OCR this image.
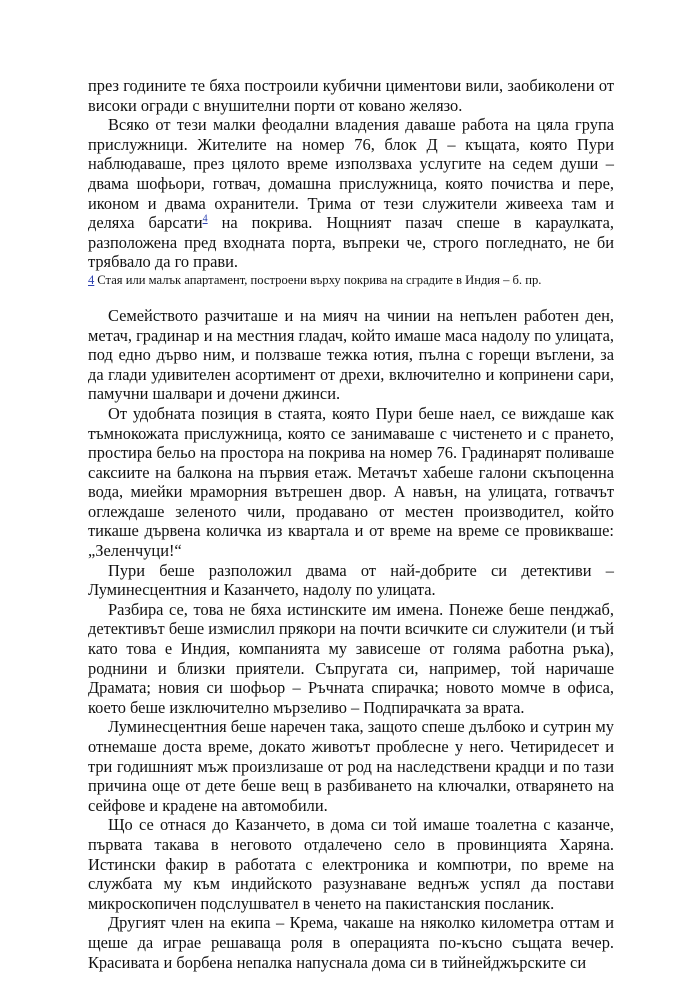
през годините те бяха построили кубични циментови вили, заобиколени от високи огради с внушителни порти от ковано желязо.

Всяко от тези малки феодални владения даваше работа на цяла група прислужници. Жителите на номер 76, блок Д – къщата, която Пури наблюдаваше, през цялото време използваха услугите на седем души – двама шофьори, готвач, домашна прислужница, която почиства и пере, иконом и двама охранители. Трима от тези служители живееха там и деляха барсати$^4$ на покрива. Нощният пазач спеше в караулката, разположена пред входната порта, въпреки че, строго погледнато, не би трябвало да го прави.

4 Стая или малък апартамент, построени върху покрива на сградите в Индия – б. пр.

Семейството разчиташе и на мияч на чинии на непълен работен ден, метач, градинар и на местния гладач, който имаше маса надолу по улицата, под едно дърво ним, и ползваше тежка ютия, пълна с горещи въглени, за да глади удивителен асортимент от дрехи, включително и копринени сари, памучни шалвари и дочени джинси.

От удобната позиция в стаята, която Пури беше наел, се виждаше как тъмнокожата прислужница, която се занимаваше с чистенето и с прането, простира бельо на простора на покрива на номер 76. Градинарят поливаше саксиите на балкона на първия етаж. Метачът хабеше галони скъпоценна вода, миейки мраморния вътрешен двор. А навън, на улицата, готвачът оглеждаше зеленото чили, продавано от местен производител, който тикаше дървена количка из квартала и от време на време се провикваше: „Зеленчуци!“

Пури беше разположил двама от най-добрите си детективи – Луминесцентния и Казанчето, надолу по улицата.

Разбира се, това не бяха истинските им имена. Понеже беше пенджаб, детективът беше измислил прякори на почти всичките си служители (и тъй като това е Индия, компанията му зависеше от голяма работна ръка), роднини и близки приятели. Съпругата си, например, той наричаше Драмата; новия си шофьор – Ръчната спирачка; новото момче в офиса, което беше изключително мързеливо – Подпирачката за врата.

Луминесцентния беше наречен така, защото спеше дълбоко и сутрин му отнемаше доста време, докато животът проблесне у него. Четиридесет и три годишният мъж произлизаше от род на наследствени крадци и по тази причина още от дете беше вещ в разбиването на ключалки, отварянето на сейфове и крадене на автомобили.

Що се отнася до Казанчето, в дома си той имаше тоалетна с казанче, първата такава в неговото отдалечено село в провинцията Харяна. Истински факир в работата с електроника и компютри, по време на службата му към индийското разузнаване веднъж успял да постави микроскопичен подслушвател в ченето на пакистанския посланик.

Другият член на екипа – Крема, чакаше на няколко километра оттам и щеше да играе решаваща роля в операцията по-късно същата вечер. Красивата и борбена непалка напуснала дома си в тийнейджърските си
